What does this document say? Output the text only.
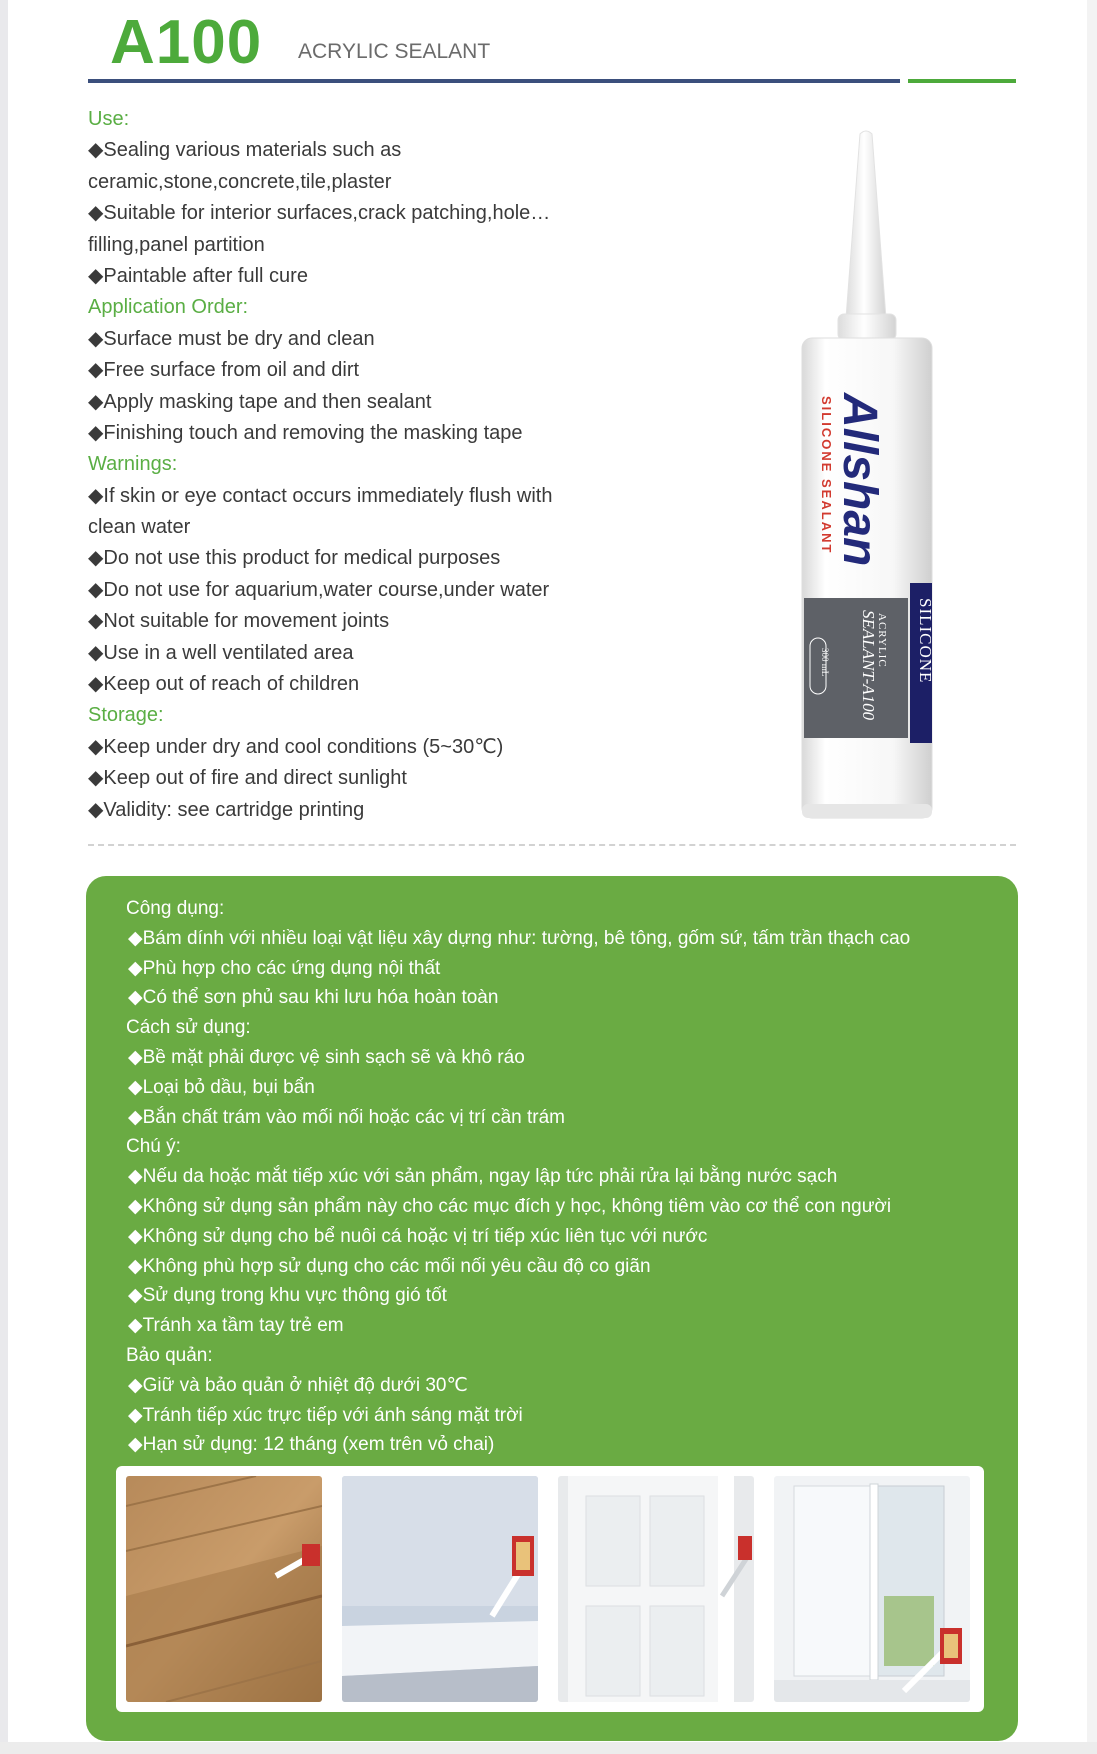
A100 ACRYLIC SEALANT
Use:
◆Sealing various materials such as
ceramic,stone,concrete,tile,plaster
◆Suitable for interior surfaces,crack patching,hole…
filling,panel partition
◆Paintable after full cure
Application Order:
◆Surface must be dry and clean
◆Free surface from oil and dirt
◆Apply masking tape and then sealant
◆Finishing touch and removing the masking tape
Warnings:
◆If skin or eye contact occurs immediately flush with
clean water
◆Do not use this product for medical purposes
◆Do not use for aquarium,water course,under water
◆Not suitable for movement joints
◆Use in a well ventilated area
◆Keep out of reach of children
Storage:
◆Keep under dry and cool conditions (5~30℃)
◆Keep out of fire and direct sunlight
◆Validity: see cartridge printing
SILICONE SEALANT Allshan
SILICONE
ACRYLIC
SEALANT-A100
300 mL
Công dụng:
◆Bám dính với nhiều loại vật liệu xây dựng như: tường, bê tông, gốm sứ, tấm trần thạch cao
◆Phù hợp cho các ứng dụng nội thất
◆Có thể sơn phủ sau khi lưu hóa hoàn toàn
Cách sử dụng:
◆Bề mặt phải được vệ sinh sạch sẽ và khô ráo
◆Loại bỏ dầu, bụi bẩn
◆Bắn chất trám vào mối nối hoặc các vị trí cần trám
Chú ý:
◆Nếu da hoặc mắt tiếp xúc với sản phẩm, ngay lập tức phải rửa lại bằng nước sạch
◆Không sử dụng sản phẩm này cho các mục đích y học, không tiêm vào cơ thể con người
◆Không sử dụng cho bể nuôi cá hoặc vị trí tiếp xúc liên tục với nước
◆Không phù hợp sử dụng cho các mối nối yêu cầu độ co giãn
◆Sử dụng trong khu vực thông gió tốt
◆Tránh xa tầm tay trẻ em
Bảo quản:
◆Giữ và bảo quản ở nhiệt độ dưới 30℃
◆Tránh tiếp xúc trực tiếp với ánh sáng mặt trời
◆Hạn sử dụng: 12 tháng (xem trên vỏ chai)
